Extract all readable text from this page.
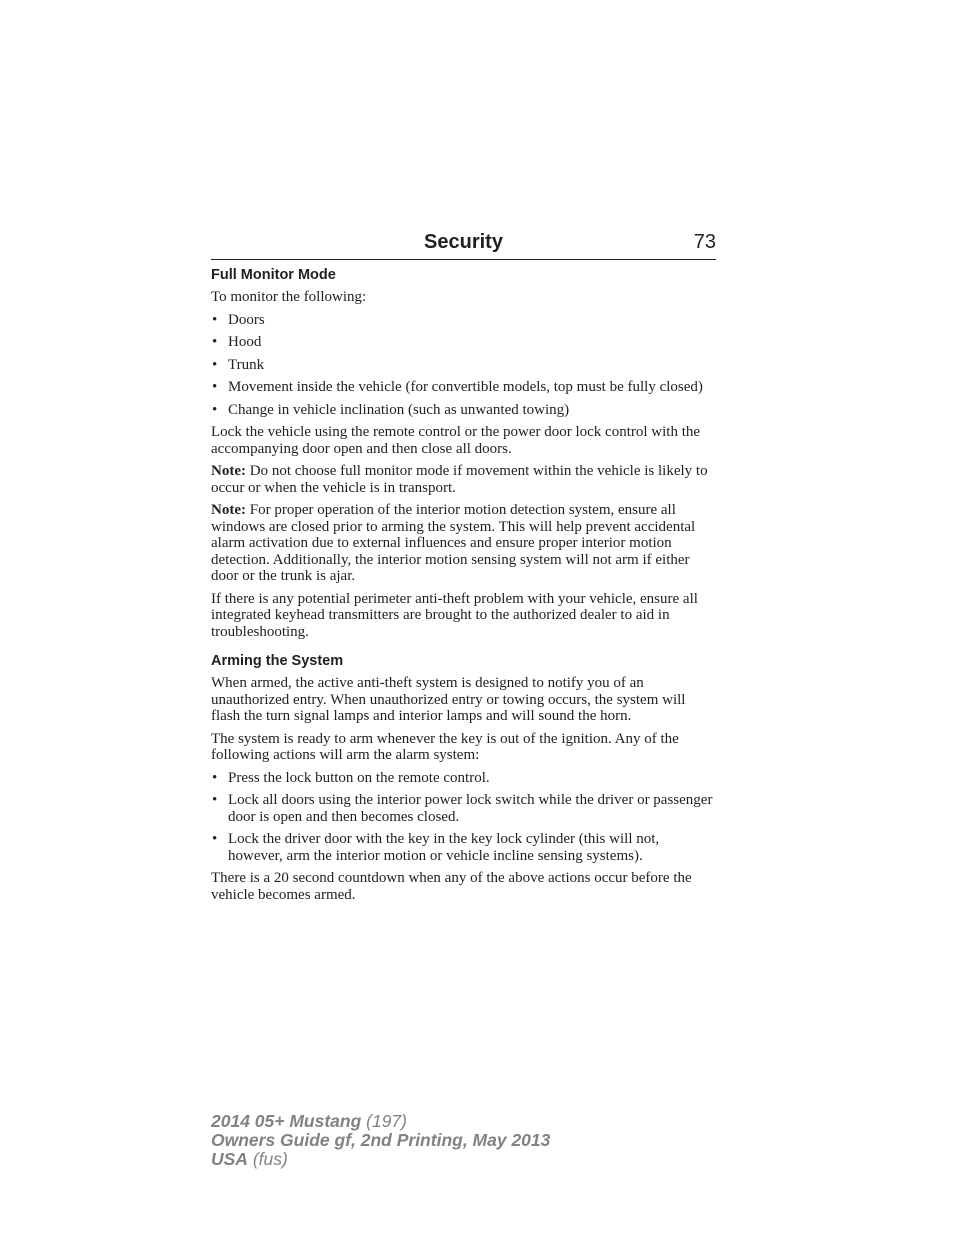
Security	73
Full Monitor Mode

To monitor the following:

• Doors
• Hood
• Trunk
• Movement inside the vehicle (for convertible models, top must be fully closed)
• Change in vehicle inclination (such as unwanted towing)

Lock the vehicle using the remote control or the power door lock control with the accompanying door open and then close all doors.

Note: Do not choose full monitor mode if movement within the vehicle is likely to occur or when the vehicle is in transport.

Note: For proper operation of the interior motion detection system, ensure all windows are closed prior to arming the system. This will help prevent accidental alarm activation due to external influences and ensure proper interior motion detection. Additionally, the interior motion sensing system will not arm if either door or the trunk is ajar.

If there is any potential perimeter anti-theft problem with your vehicle, ensure all integrated keyhead transmitters are brought to the authorized dealer to aid in troubleshooting.

Arming the System

When armed, the active anti-theft system is designed to notify you of an unauthorized entry. When unauthorized entry or towing occurs, the system will flash the turn signal lamps and interior lamps and will sound the horn.

The system is ready to arm whenever the key is out of the ignition. Any of the following actions will arm the alarm system:

• Press the lock button on the remote control.
• Lock all doors using the interior power lock switch while the driver or passenger door is open and then becomes closed.
• Lock the driver door with the key in the key lock cylinder (this will not, however, arm the interior motion or vehicle incline sensing systems).

There is a 20 second countdown when any of the above actions occur before the vehicle becomes armed.

2014 05+ Mustang (197)
Owners Guide gf, 2nd Printing, May 2013
USA (fus)
